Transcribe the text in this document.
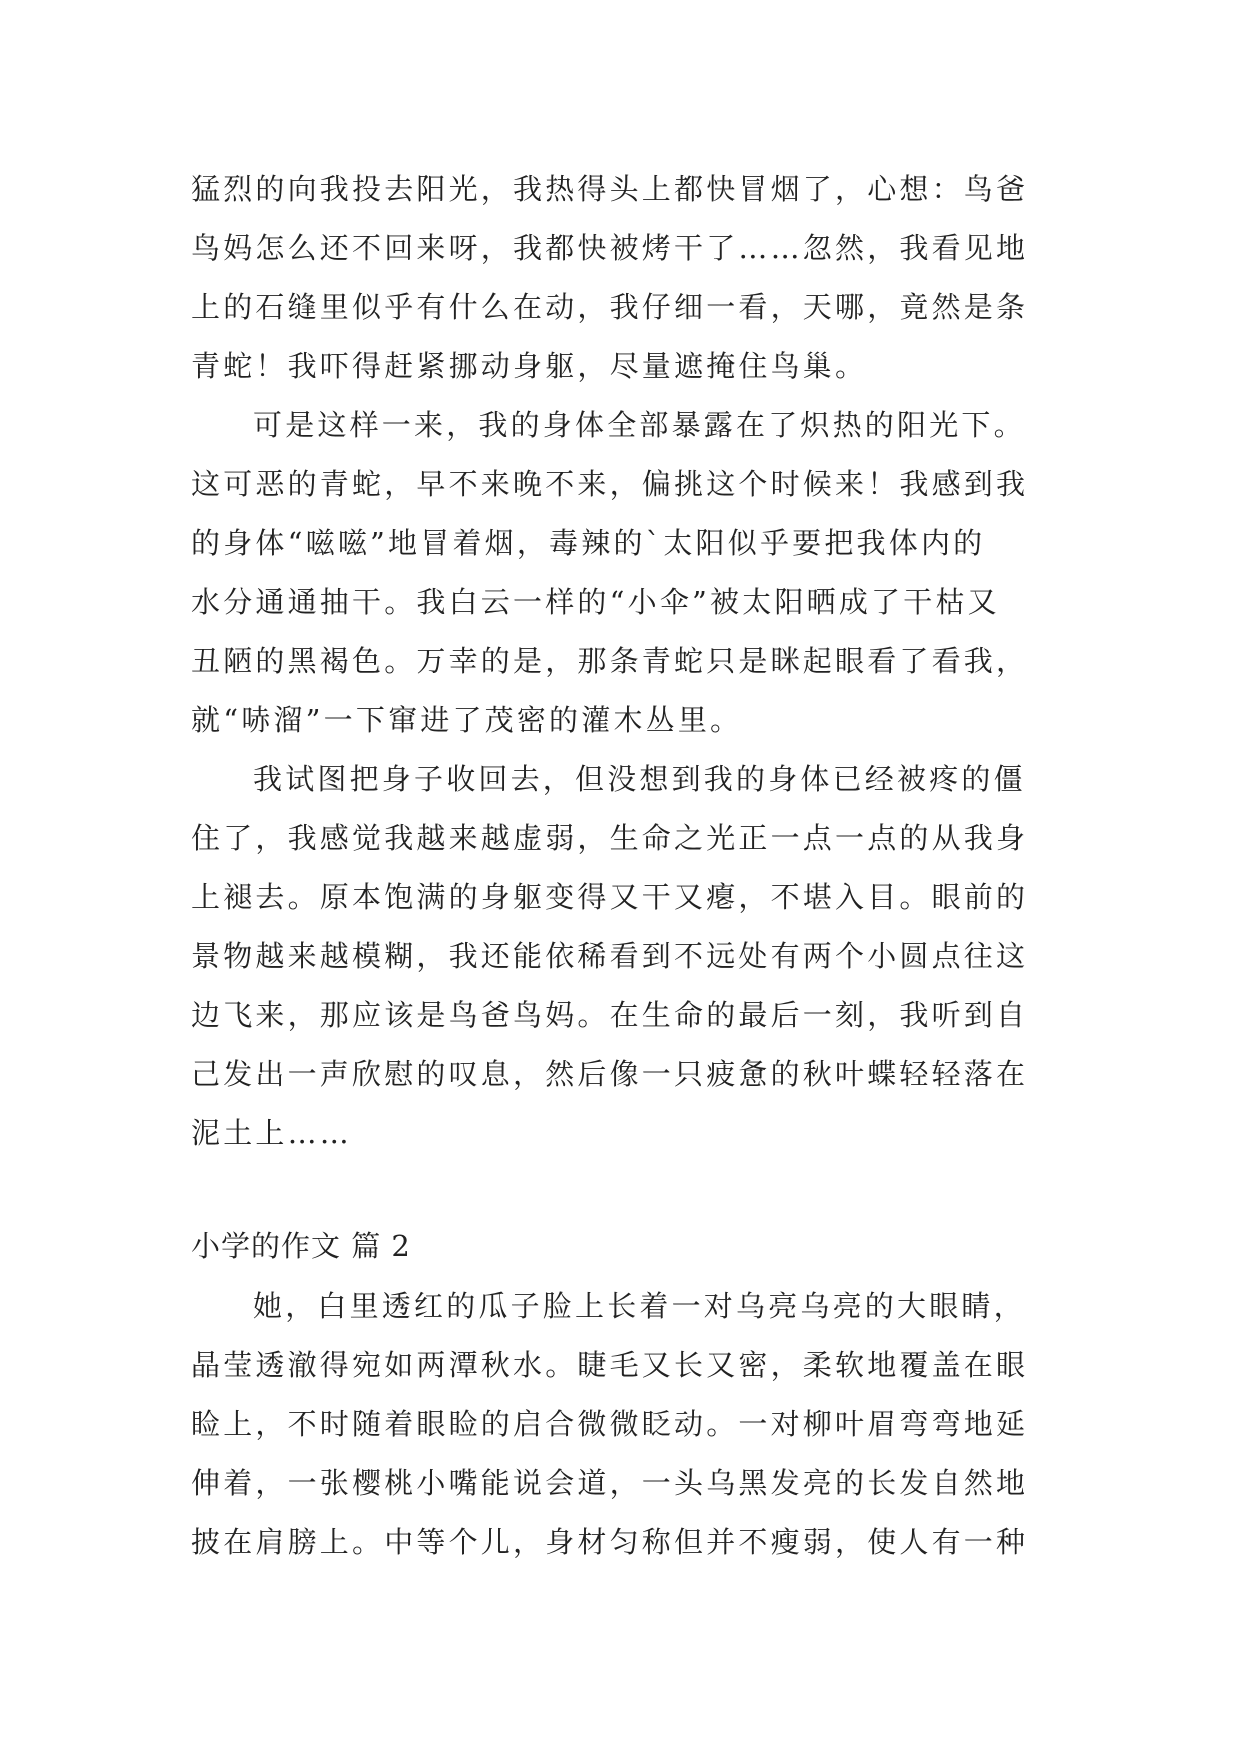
猛烈的向我投去阳光，我热得头上都快冒烟了，心想：鸟爸
鸟妈怎么还不回来呀，我都快被烤干了……忽然，我看见地
上的石缝里似乎有什么在动，我仔细一看，天哪，竟然是条
青蛇！我吓得赶紧挪动身躯，尽量遮掩住鸟巢。
可是这样一来，我的身体全部暴露在了炽热的阳光下。
这可恶的青蛇，早不来晚不来，偏挑这个时候来！我感到我
的身体“嗞嗞”地冒着烟，毒辣的`太阳似乎要把我体内的
水分通通抽干。我白云一样的“小伞”被太阳晒成了干枯又
丑陋的黑褐色。万幸的是，那条青蛇只是眯起眼看了看我，
就“哧溜”一下窜进了茂密的灌木丛里。
我试图把身子收回去，但没想到我的身体已经被疼的僵
住了，我感觉我越来越虚弱，生命之光正一点一点的从我身
上褪去。原本饱满的身躯变得又干又瘪，不堪入目。眼前的
景物越来越模糊，我还能依稀看到不远处有两个小圆点往这
边飞来，那应该是鸟爸鸟妈。在生命的最后一刻，我听到自
己发出一声欣慰的叹息，然后像一只疲惫的秋叶蝶轻轻落在
泥土上……
小学的作文 篇 2
她，白里透红的瓜子脸上长着一对乌亮乌亮的大眼睛，
晶莹透澈得宛如两潭秋水。睫毛又长又密，柔软地覆盖在眼
睑上，不时随着眼睑的启合微微眨动。一对柳叶眉弯弯地延
伸着，一张樱桃小嘴能说会道，一头乌黑发亮的长发自然地
披在肩膀上。中等个儿，身材匀称但并不瘦弱，使人有一种
